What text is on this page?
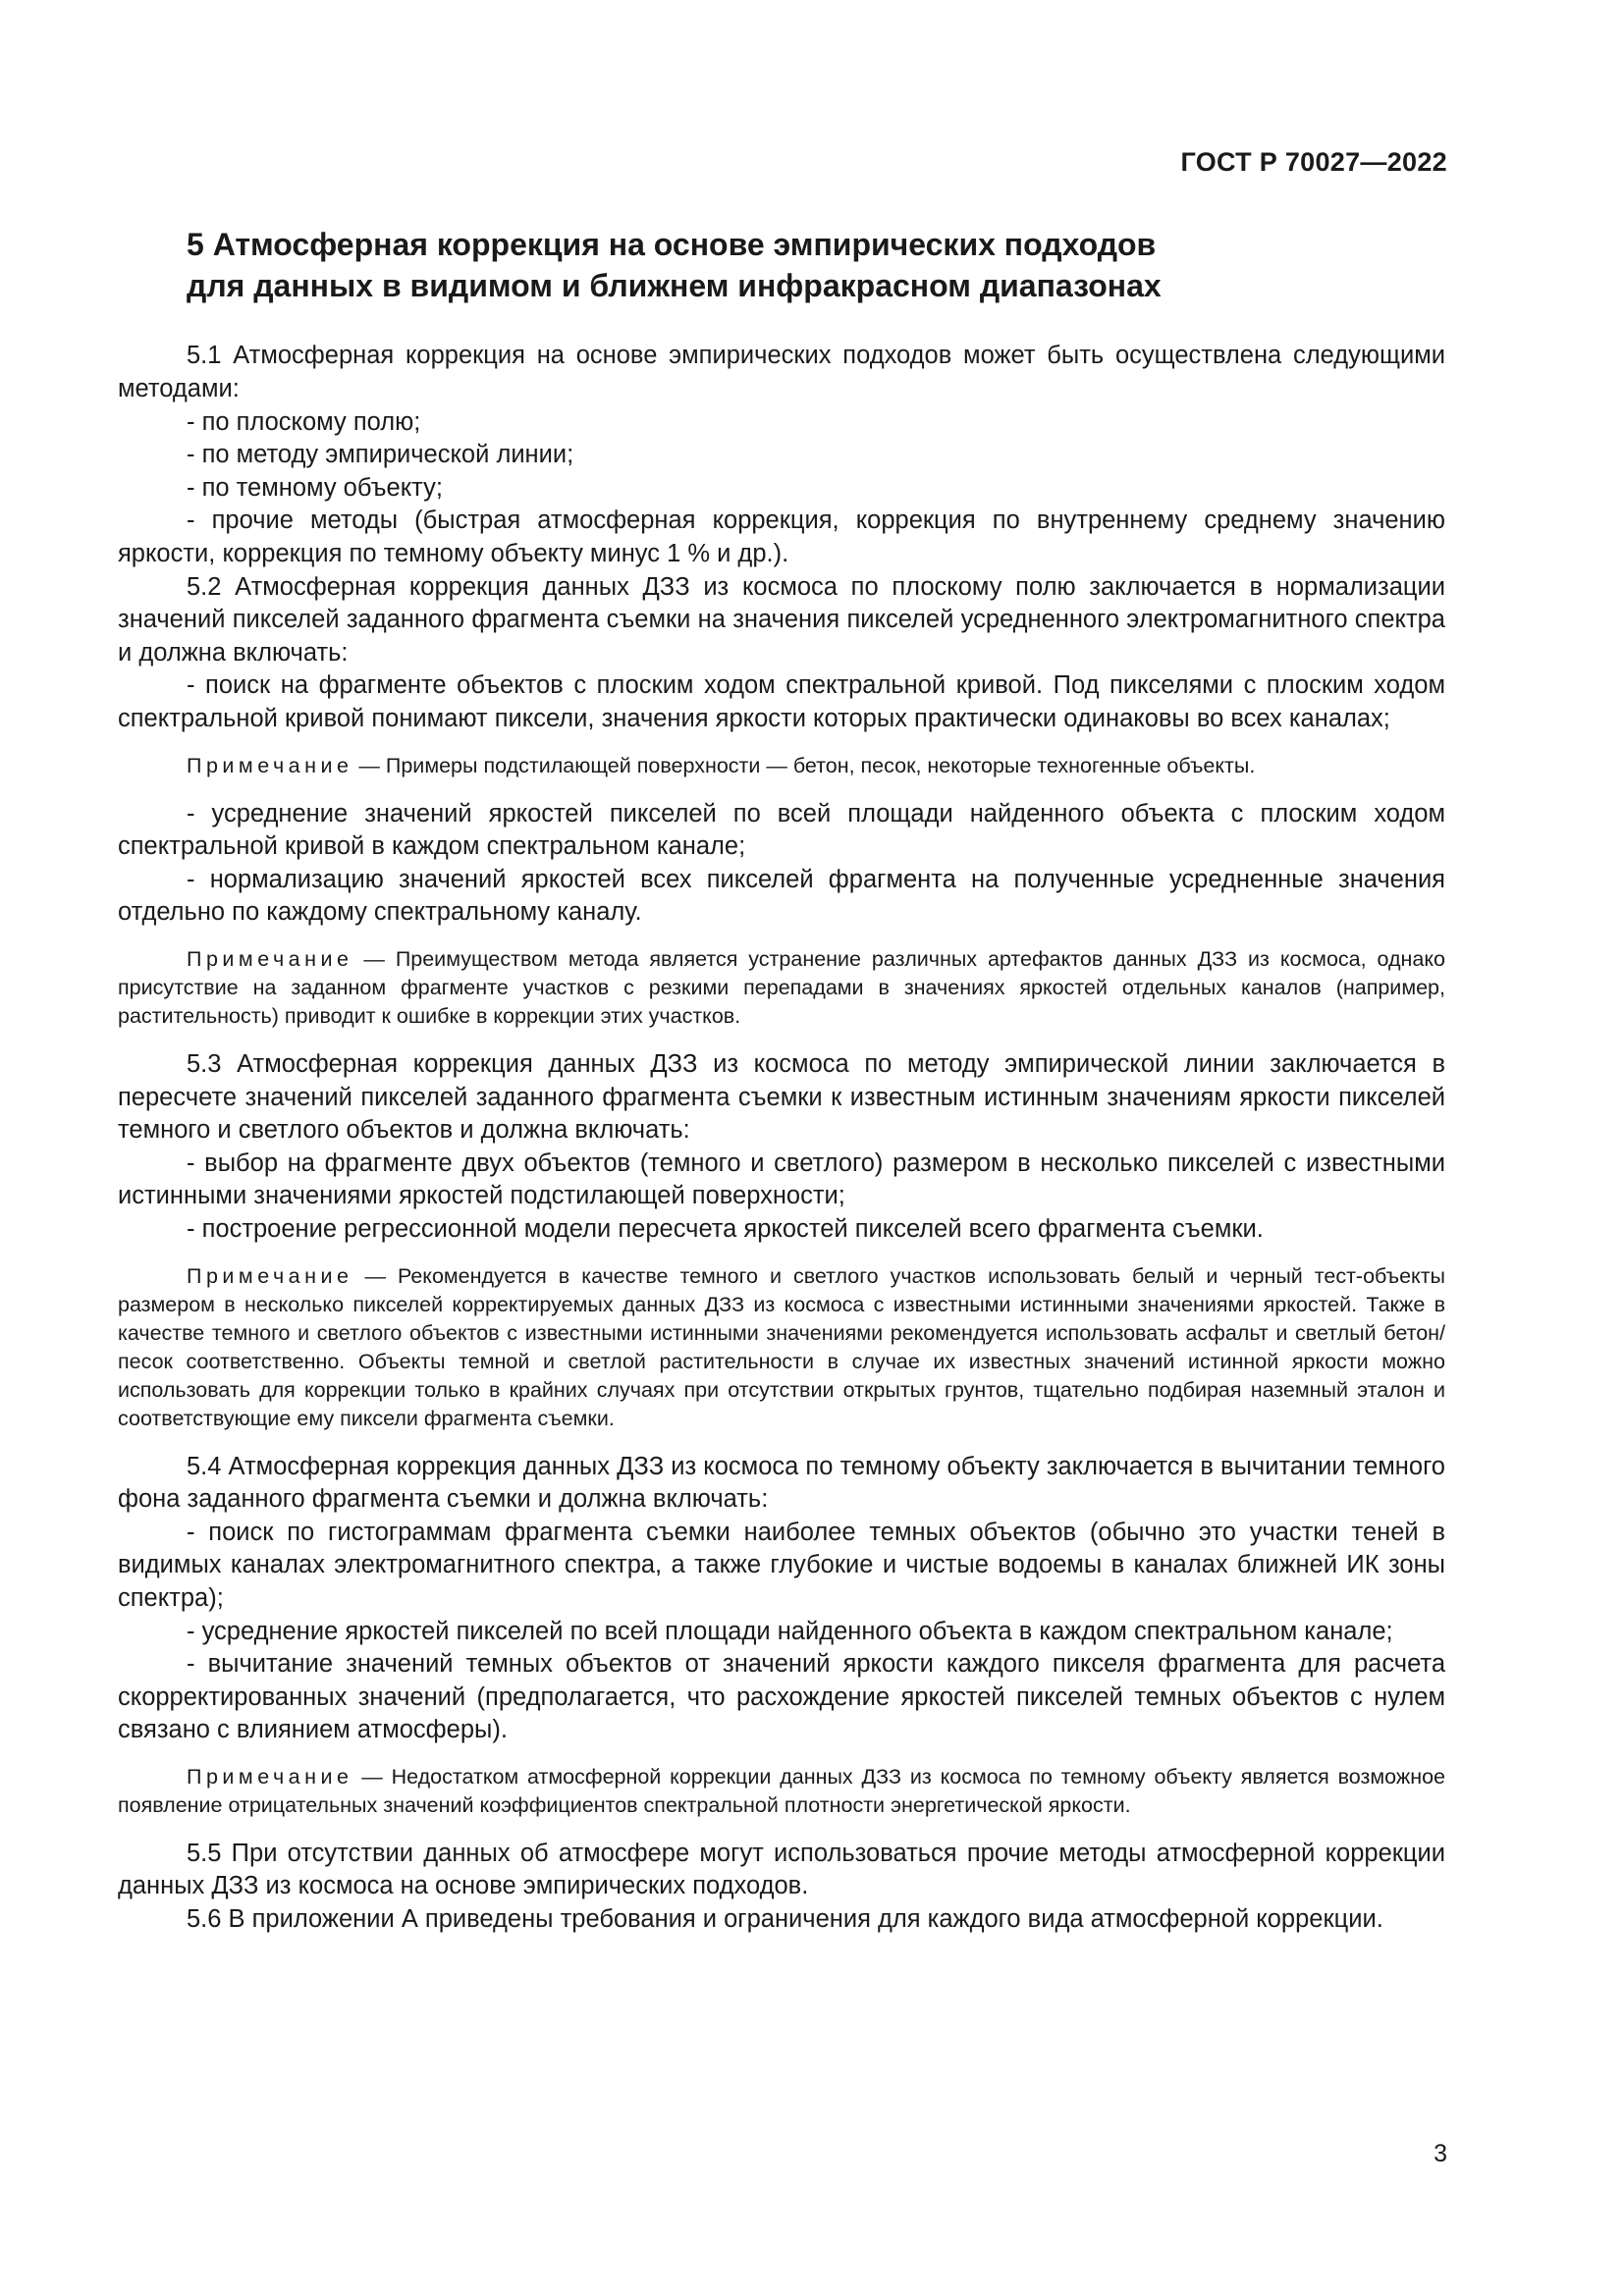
ГОСТ Р 70027—2022
5 Атмосферная коррекция на основе эмпирических подходов
для данных в видимом и ближнем инфракрасном диапазонах

5.1 Атмосферная коррекция на основе эмпирических подходов может быть осуществлена следующими методами:

- по плоскому полю;

- по методу эмпирической линии;

- по темному объекту;

- прочие методы (быстрая атмосферная коррекция, коррекция по внутреннему среднему значению яркости, коррекция по темному объекту минус 1 % и др.).

5.2 Атмосферная коррекция данных ДЗЗ из космоса по плоскому полю заключается в нормализации значений пикселей заданного фрагмента съемки на значения пикселей усредненного электромагнитного спектра и должна включать:

- поиск на фрагменте объектов с плоским ходом спектральной кривой. Под пикселями с плоским ходом спектральной кривой понимают пиксели, значения яркости которых практически одинаковы во всех каналах;

Примечание — Примеры подстилающей поверхности — бетон, песок, некоторые техногенные объекты.

- усреднение значений яркостей пикселей по всей площади найденного объекта с плоским ходом спектральной кривой в каждом спектральном канале;

- нормализацию значений яркостей всех пикселей фрагмента на полученные усредненные значения отдельно по каждому спектральному каналу.

Примечание — Преимуществом метода является устранение различных артефактов данных ДЗЗ из космоса, однако присутствие на заданном фрагменте участков с резкими перепадами в значениях яркостей отдельных каналов (например, растительность) приводит к ошибке в коррекции этих участков.

5.3 Атмосферная коррекция данных ДЗЗ из космоса по методу эмпирической линии заключается в пересчете значений пикселей заданного фрагмента съемки к известным истинным значениям яркости пикселей темного и светлого объектов и должна включать:

- выбор на фрагменте двух объектов (темного и светлого) размером в несколько пикселей с известными истинными значениями яркостей подстилающей поверхности;

- построение регрессионной модели пересчета яркостей пикселей всего фрагмента съемки.

Примечание — Рекомендуется в качестве темного и светлого участков использовать белый и черный тест-объекты размером в несколько пикселей корректируемых данных ДЗЗ из космоса с известными истинными значениями яркостей. Также в качестве темного и светлого объектов с известными истинными значениями рекомендуется использовать асфальт и светлый бетон/песок соответственно. Объекты темной и светлой растительности в случае их известных значений истинной яркости можно использовать для коррекции только в крайних случаях при отсутствии открытых грунтов, тщательно подбирая наземный эталон и соответствующие ему пиксели фрагмента съемки.

5.4 Атмосферная коррекция данных ДЗЗ из космоса по темному объекту заключается в вычитании темного фона заданного фрагмента съемки и должна включать:

- поиск по гистограммам фрагмента съемки наиболее темных объектов (обычно это участки теней в видимых каналах электромагнитного спектра, а также глубокие и чистые водоемы в каналах ближней ИК зоны спектра);

- усреднение яркостей пикселей по всей площади найденного объекта в каждом спектральном канале;

- вычитание значений темных объектов от значений яркости каждого пикселя фрагмента для расчета скорректированных значений (предполагается, что расхождение яркостей пикселей темных объектов с нулем связано с влиянием атмосферы).

Примечание — Недостатком атмосферной коррекции данных ДЗЗ из космоса по темному объекту является возможное появление отрицательных значений коэффициентов спектральной плотности энергетической яркости.

5.5 При отсутствии данных об атмосфере могут использоваться прочие методы атмосферной коррекции данных ДЗЗ из космоса на основе эмпирических подходов.

5.6 В приложении А приведены требования и ограничения для каждого вида атмосферной коррекции.

3
